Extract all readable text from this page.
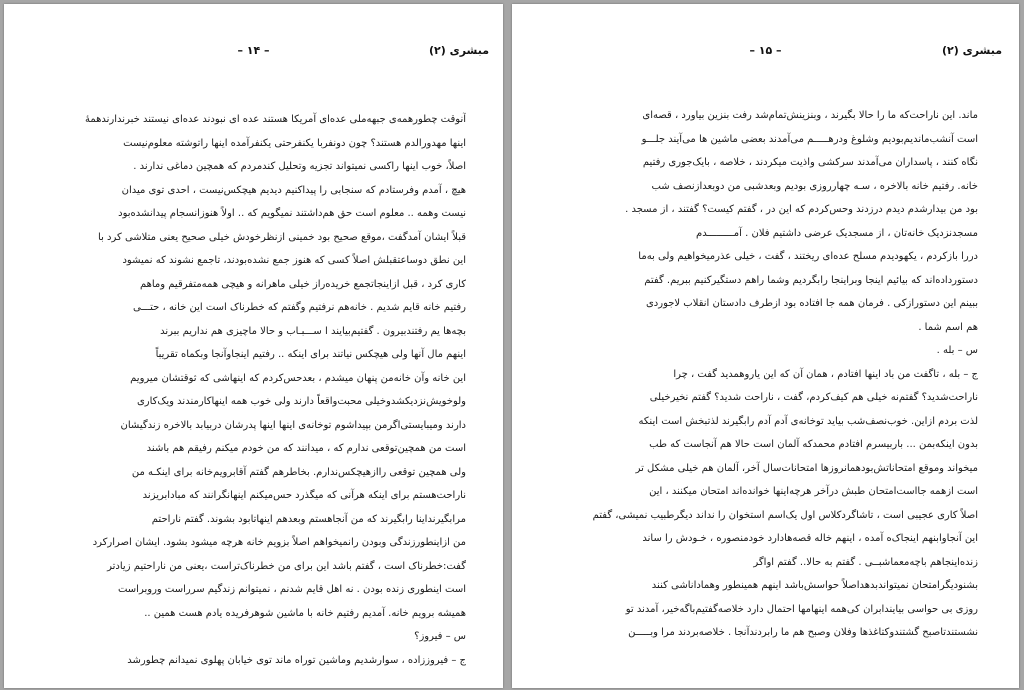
– ۱۴ –	مبشری (۲)
آنوقت چطورهمه‌ی جبهه‌ملی عده‌ای آمریکا هستند عده ای نبودند عده‌ای نیستند خبرندارندهمهٔ
اینها مهدورالدم هستند؟ چون دونفربا یکنفرحتی یکنفرآمده اینها راتوشته معلوم‌نیست
اصلاً، خوب اینها راکسی نمیتواند تجزیه وتحلیل کندمردم که همچین دماغی ندارند .
هیچ ، آمدم وفرستادم که سنجابی را پیداکنیم دیدیم هیچکس‌نیست ، احدی توی میدان
نیست وهمه .. معلوم است حق هم‌داشتند نمیگویم که .. اولاً هنوزانسجام پیدانشده‌بود
قبلاً ایشان آمدگفت ،موقع صحیح بود خمینی ازنظرخودش خیلی صحیح یعنی متلاشی کرد با
این نطق دوساعتقبلش اصلاً کسی که هنوز جمع نشده‌بودند، تاجمع نشوند که نمیشود
کاری کرد ، قبل ازاینجاتجمع خریده‌راز خیلی ماهرانه و هیچی همه‌متفرقیم وماهم
رفتیم خانه قایم شدیم . خانه‌هم نرفتیم وگفتم که خطرناک است این خانه ، حتـــی
بچه‌ها یم رفتندبیرون . گفتیم‌بیایند ا ســـبـاب و حالا ماچیزی هم نداریم ببرند
اینهم مال آنها ولی هیچکس نیاتند برای اینکه .. رفتیم اینجاوآنجا وبکماه تقریباً
این خانه وآن خانه‌من پنهان میشدم ، بعدحس‌کردم که اینهاشی که ثوقتشان میرویم
ولوخویش‌نزدیکشدوخیلی محبت‌واقعاً دارند ولی خوب همه اینهاکارمندند ویک‌کاری
دارند ومیبایستی‌اگرمن بپیداشوم توخانه‌ی اینها اینها پدرشان دربیابد بالاخره زندگیشان
است من همچین‌توقعی ندارم که ، میدانند که من خودم میکنم رفیقم هم باشند
ولی همچین توقعی راازهیچکس‌ندارم. بخاطرهم گفتم آقابرویم‌خانه برای اینکـه من
ناراحت‌هستم برای اینکه هرآنی که میگذرد حس‌میکنم اینهانگرانند که مبادابریزند
مرابگیرندا‌ینا رابگیرند که من آنجاهستم وبعدهم اینهاتابود بشوند. گفتم ناراحتم
من ازاینطورزندگی وبودن رانمیخواهم اصلاً بزویم خانه هرچه میشود بشود. ایشان اصرارکرد
گفت:خطرناک است ، گفتم باشد این برای من خطرناک‌تراست ،یعنی من ناراحتیم زیادتر
است اینطوری زنده بودن . نه اهل قایم شدنم ، نمیتوانم زندگیم سرراست وروبراست
همیشه برویم خانه. آمدیم رفتیم خانه با ماشین شوهرفریده یادم هست همین ..
س – فیروز؟
ج – فیروززاده ، سوارشدیم وماشین توراه ماند توی خیابان پهلوی نمیدانم چطورشد
– ۱۵ –	مبشری (۲)
ماند. این ناراحت‌که ما را حالا بگیرند ، وبنزینش‌تمام‌شد رفت بنزین بیاورد ، قصه‌ای
است آنشب‌ما‌ندیم‌بودیم وشلوغ ودرهـــــم می‌آمدند بعضی ماشین ها می‌آیند جلـــو
نگاه کنند ، پاسداران می‌آمدند سرکشی واذیت میکردند ، خلاصه ، بایک‌جوری رفتیم
خانه. رفتیم خانه بالاخره ، سـه چهارروزی بودیم وبعدشبی من دوبعدازنصف شب
بود من بیدارشدم دیدم درزدند وحس‌کردم که این در ، گفتم کیست؟ گفتند ، از مسجد .
مسجدنزدیک خانه‌تان ، از مسجدیک عرضی داشتیم فلان . آمـــــــــدم
دررا بازکردم ، یکهودیدم مسلح عده‌ای ریختند ، گفت ، خیلی عذرمیخواهیم ولی به‌ما
دستورداده‌اند که بیائیم اینجا وبرا‌ینجا رابگردیم وشما راهم دستگیرکنیم ببریم. گفتم
ببینم این دستورازکی . فرمان همه جا افتاده بود ازطرف دادستان انقلاب لاجوردی
هم اسم شما .
س – بله .
ج – بله ، تاگفت من باد اینها افتادم ، همان آن که این یاروهمدید گفت ، چرا
ناراحت‌شدید؟ گفتم‌نه خیلی هم کیف‌کردم، گفت ، ناراحت شدید؟ گفتم نخیرخیلی
لذت بردم ازاین. خوب‌نصف‌شب بیاید توخانه‌ی آدم آدم رابگیرند لذتبخش است اینکه
بدون اینکه‌بمن ... باربیسرم افتادم محمدکه آلمان است حالا هم آنجاست که طب
میخواند وموقع امتحاناتش‌بودهما‌نروزها امتحانات‌سال آخر، آلمان هم خیلی مشکل تر
است ازهمه جا‌است‌امتحان طبش درآخر هرچه‌اینها خوانده‌اند امتحان میکنند ، این
اصلاً کاری عجیبی است ، تاشاگردکلاس اول یک‌اسم استخوان را نداند دیگرطبیب نمیشی، گفتم
این آنجاوابنهم اینجاک‌ه آمده ، اینهم خاله قصه‌هادارد خودمنصوره ، خـودش را ساند
زنده‌اینجا‌هم باچه‌معماشبــی . گفتم به حالا.. گفتم اواگر
بشنودیگرامتحان نمیتواندبدهداصلاً حواسش‌باشد اینهم همینطور وهمادانا‌شی کنند
روزی بی حواسی بیایندابران کی‌همه اینهامها احتمال دارد خلاصه‌گفتیم‌باگه‌خیر، آمدند تو
نشستندتاصبح گشتندوکتاغذها وفلان وصبح هم ما رابردندآنجا . خلاصه‌بردند مرا وبـــــن
